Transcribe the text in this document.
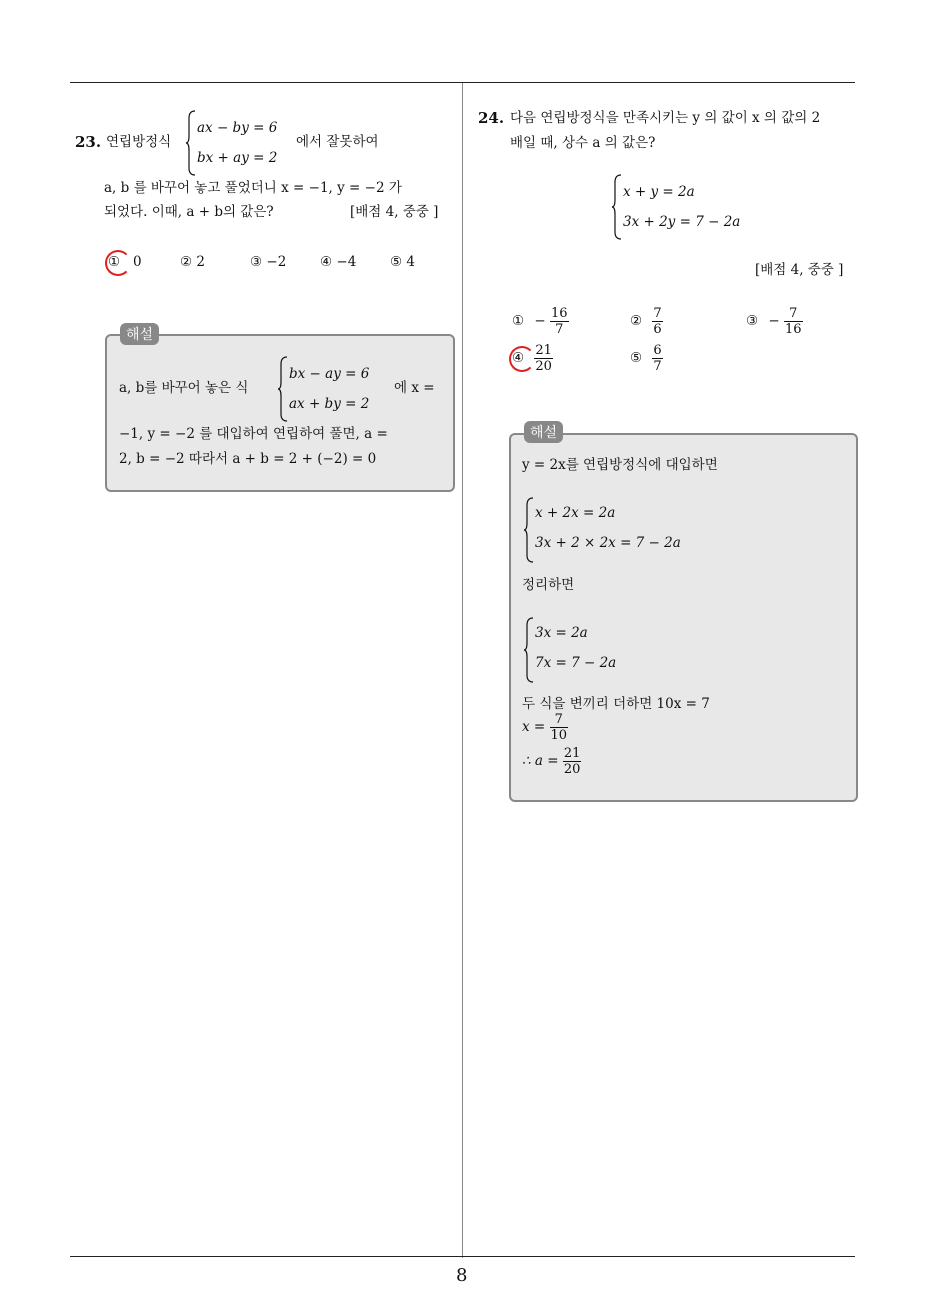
8
23. 연립방정식
ax − by = 6
bx + ay = 2
에서 잘못하여
a, b 를 바꾸어 놓고 풀었더니 x = −1, y = −2 가
되었다. 이때, a + b의 값은?	[배점 4, 중중 ]
① 0	② 2	③ −2 ④ −4 ⑤ 4
해설
a, b를 바꾸어 놓은 식
bx − ay = 6
ax + by = 2
에 x =
−1, y = −2 를 대입하여 연립하여 풀면, a =
2, b = −2 따라서 a + b = 2 + (−2) = 0
24. 다음 연립방정식을 만족시키는 y 의 값이 x 의 값의 2
배일 때, 상수 a 의 값은?
x + y = 2a
3x + 2y = 7 − 2a
[배점 4, 중중 ]
① − $\frac{16}{7}$	② $\frac{7}{6}$	③ − $\frac{7}{16}$
④ $\frac{21}{20}$	⑤ $\frac{6}{7}$
해설
y = 2x를 연립방정식에 대입하면
x + 2x = 2a
3x + 2 × 2x = 7 − 2a
정리하면
3x = 2a
7x = 7 − 2a
두 식을 변끼리 더하면 10x = 7
$x = \frac{7}{10}$
∴ $a = \frac{21}{20}$
